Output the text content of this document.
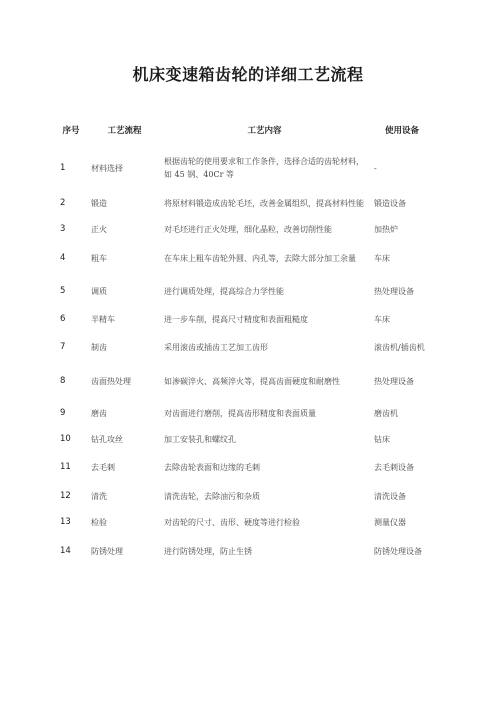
机床变速箱齿轮的详细工艺流程
序号	工艺流程	工艺内容	使用设备
1	材料选择	根据齿轮的使用要求和工作条件，选择合适的齿轮材料，如 45 钢、40Cr 等	-
2	锻造	将原材料锻造成齿轮毛坯，改善金属组织，提高材料性能	锻造设备
3	正火	对毛坯进行正火处理，细化晶粒，改善切削性能	加热炉
4	粗车	在车床上粗车齿轮外圆、内孔等，去除大部分加工余量	车床
5	调质	进行调质处理，提高综合力学性能	热处理设备
6	半精车	进一步车削，提高尺寸精度和表面粗糙度	车床
7	制齿	采用滚齿或插齿工艺加工齿形	滚齿机/插齿机
8	齿面热处理	如渗碳淬火、高频淬火等，提高齿面硬度和耐磨性	热处理设备
9	磨齿	对齿面进行磨削，提高齿形精度和表面质量	磨齿机
10	钻孔攻丝	加工安装孔和螺纹孔	钻床
11	去毛刺	去除齿轮表面和边缘的毛刺	去毛刺设备
12	清洗	清洗齿轮，去除油污和杂质	清洗设备
13	检验	对齿轮的尺寸、齿形、硬度等进行检验	测量仪器
14	防锈处理	进行防锈处理，防止生锈	防锈处理设备
